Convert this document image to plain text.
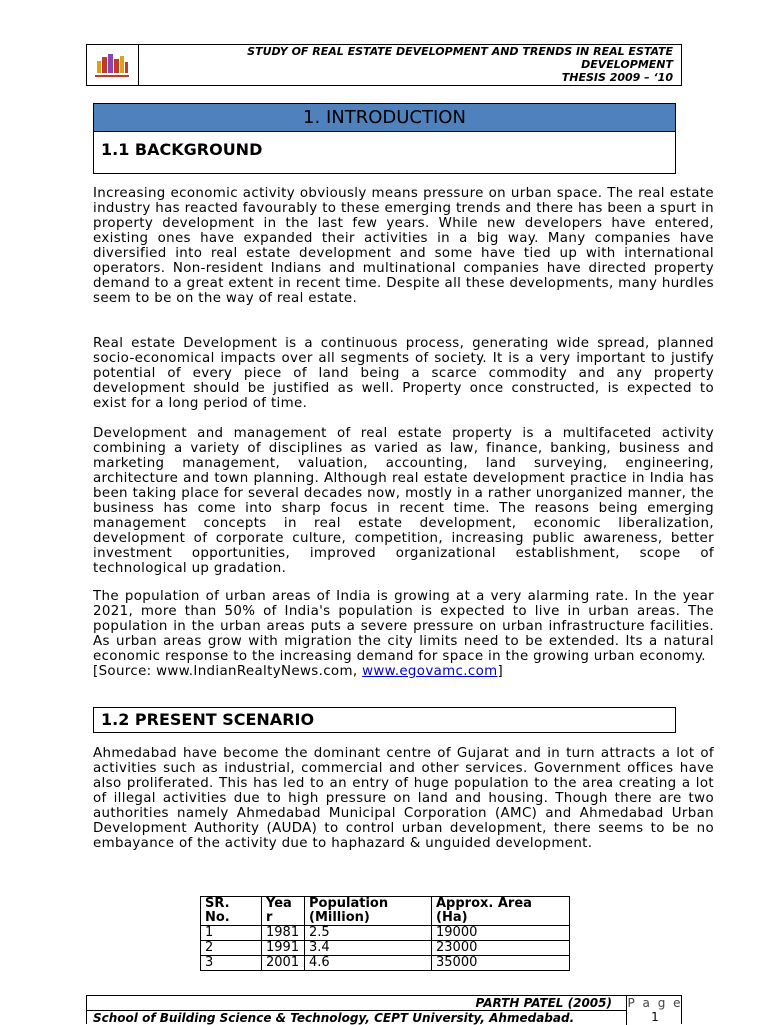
STUDY OF REAL ESTATE DEVELOPMENT AND TRENDS IN REAL ESTATE
DEVELOPMENT
THESIS 2009 – ‘10
1. INTRODUCTION
1.1 BACKGROUND

Increasing economic activity obviously means pressure on urban space. The real estate industry has reacted favourably to these emerging trends and there has been a spurt in property development in the last few years. While new developers have entered, existing ones have expanded their activities in a big way. Many companies have diversified into real estate development and some have tied up with international operators. Non-resident Indians and multinational companies have directed property demand to a great extent in recent time. Despite all these developments, many hurdles seem to be on the way of real estate.

Real estate Development is a continuous process, generating wide spread, planned socio-economical impacts over all segments of society. It is a very important to justify potential of every piece of land being a scarce commodity and any property development should be justified as well. Property once constructed, is expected to exist for a long period of time.

Development and management of real estate property is a multifaceted activity combining a variety of disciplines as varied as law, finance, banking, business and marketing management, valuation, accounting, land surveying, engineering, architecture and town planning. Although real estate development practice in India has been taking place for several decades now, mostly in a rather unorganized manner, the business has come into sharp focus in recent time. The reasons being emerging management concepts in real estate development, economic liberalization, development of corporate culture, competition, increasing public awareness, better investment opportunities, improved organizational establishment, scope of technological up gradation.

The population of urban areas of India is growing at a very alarming rate. In the year 2021, more than 50% of India's population is expected to live in urban areas. The population in the urban areas puts a severe pressure on urban infrastructure facilities. As urban areas grow with migration the city limits need to be extended. Its a natural economic response to the increasing demand for space in the growing urban economy.
[Source: www.IndianRealtyNews.com, www.egovamc.com]
1.2 PRESENT SCENARIO

Ahmedabad have become the dominant centre of Gujarat and in turn attracts a lot of activities such as industrial, commercial and other services. Government offices have also proliferated. This has led to an entry of huge population to the area creating a lot of illegal activities due to high pressure on land and housing. Though there are two authorities namely Ahmedabad Municipal Corporation (AMC) and Ahmedabad Urban Development Authority (AUDA) to control urban development, there seems to be no embayance of the activity due to haphazard & unguided development.

SR. No.	Yea r	Population (Million)	Approx. Area (Ha)
1	1981	2.5	19000
2	1991	3.4	23000
3	2001	4.6	35000
PARTH PATEL (2005)
School of Building Science & Technology, CEPT University, Ahmedabad.
P a g e
1
